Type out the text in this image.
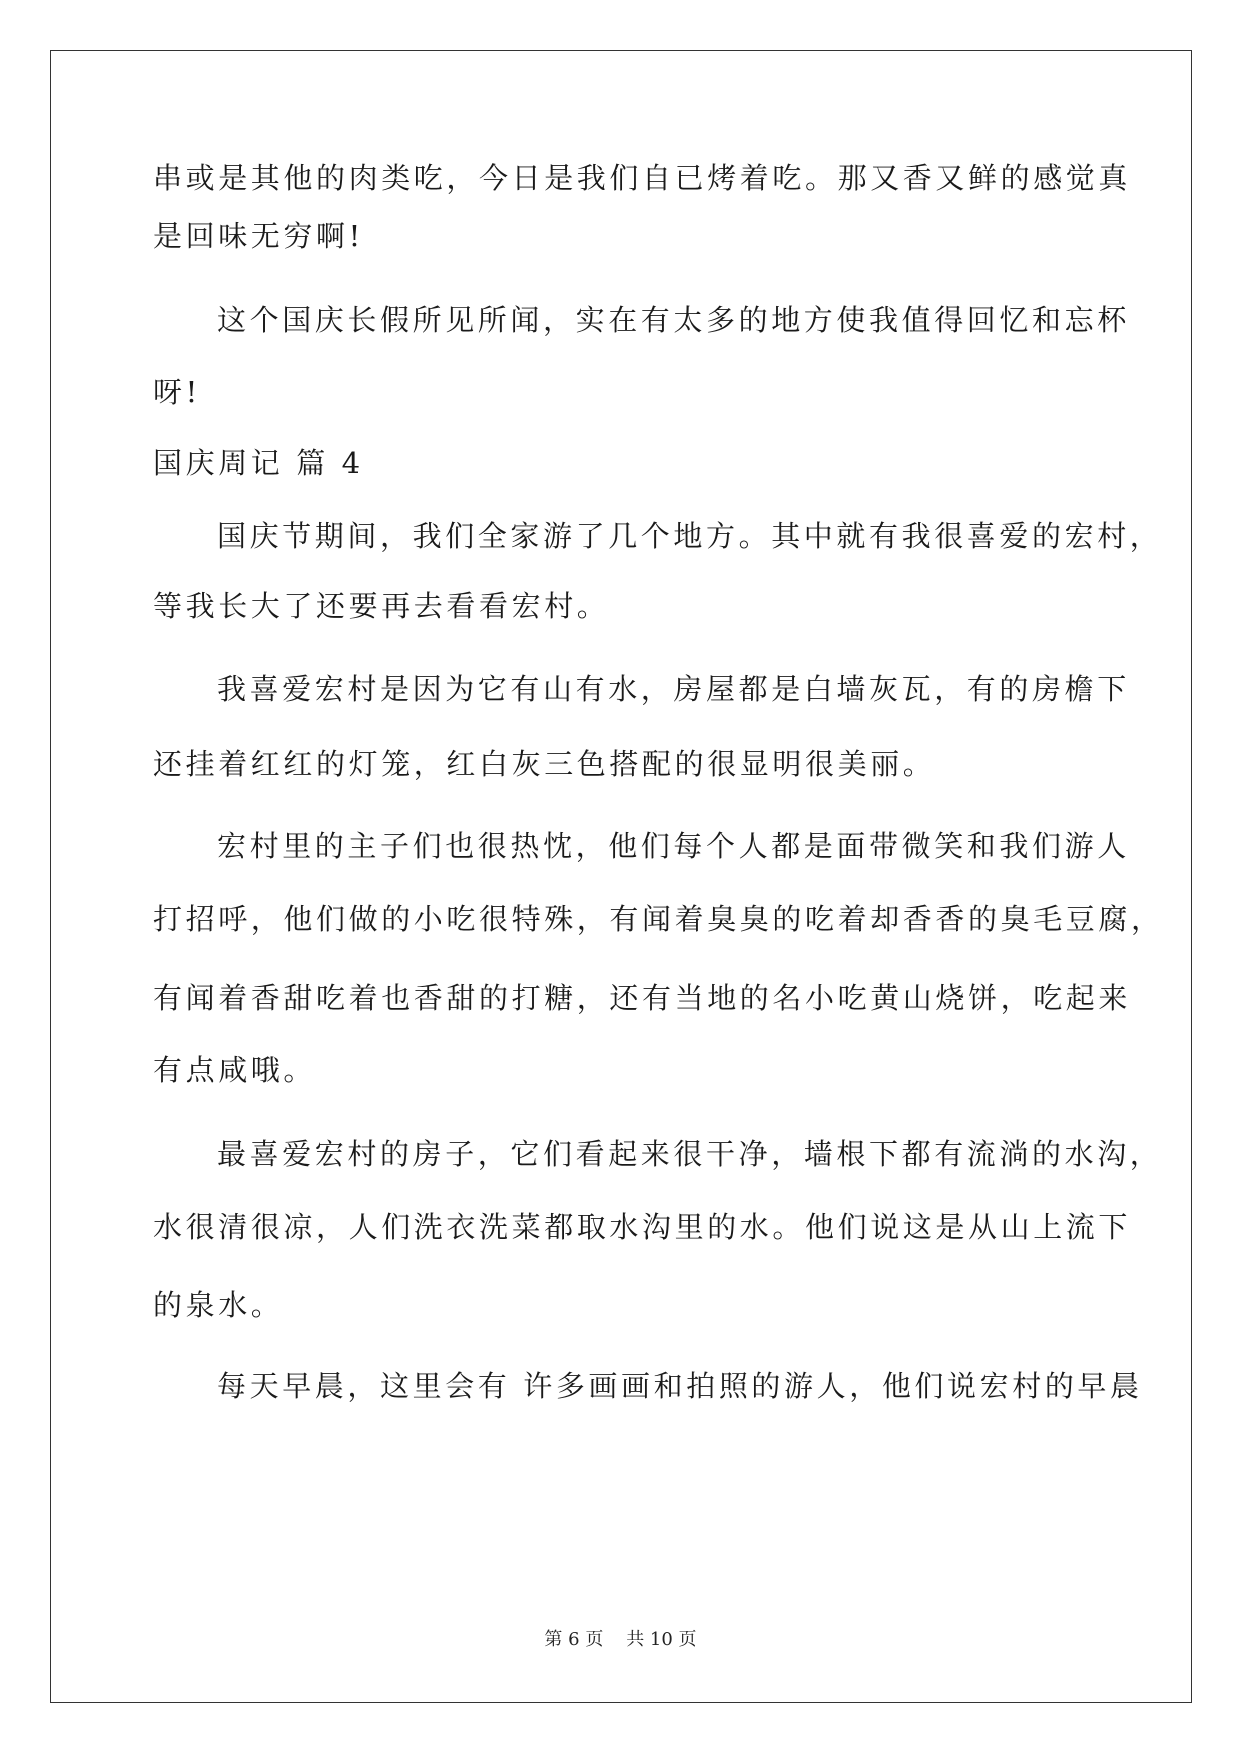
串或是其他的肉类吃，今日是我们自已烤着吃。那又香又鲜的感觉真
是回味无穷啊!
这个国庆长假所见所闻，实在有太多的地方使我值得回忆和忘杯
呀!
国庆周记 篇 4
国庆节期间，我们全家游了几个地方。其中就有我很喜爱的宏村，
等我长大了还要再去看看宏村。
我喜爱宏村是因为它有山有水，房屋都是白墙灰瓦，有的房檐下
还挂着红红的灯笼，红白灰三色搭配的很显明很美丽。
宏村里的主子们也很热忱，他们每个人都是面带微笑和我们游人
打招呼，他们做的小吃很特殊，有闻着臭臭的吃着却香香的臭毛豆腐，
有闻着香甜吃着也香甜的打糖，还有当地的名小吃黄山烧饼，吃起来
有点咸哦。
最喜爱宏村的房子，它们看起来很干净，墙根下都有流淌的水沟，
水很清很凉，人们洗衣洗菜都取水沟里的水。他们说这是从山上流下
的泉水。
每天早晨，这里会有 许多画画和拍照的游人，他们说宏村的早晨
第 6 页    共 10 页
